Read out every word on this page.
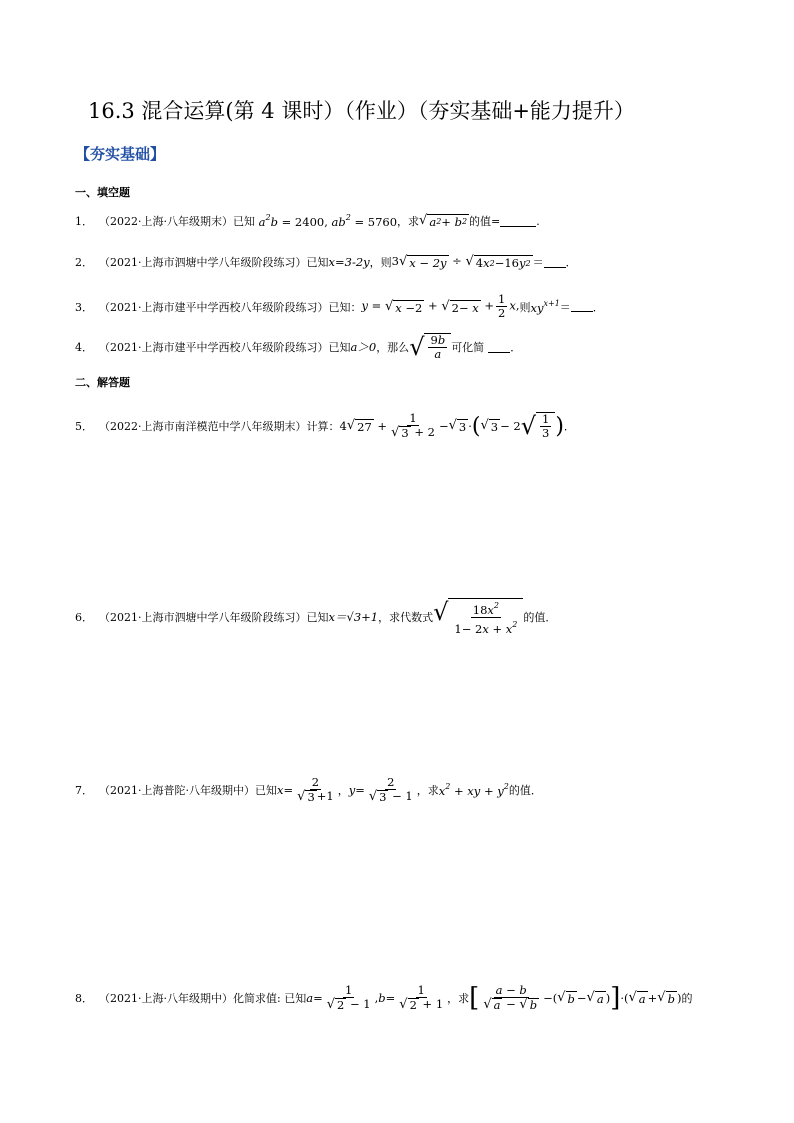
16.3 混合运算(第 4 课时）（作业）（夯实基础+能力提升）
【夯实基础】
一、填空题
1． （2022·上海·八年级期末）已知 $a^2b = 2400$, $ab^2 = 5760$ ，求 √ a 2 + b 2 的值=	.
2． （2021·上海市泗塘中学八年级阶段练习）已知 x=3-2y ，则 3 √ x − 2y ÷ √ 4 x 2 − 16 y 2 ＝ ．
3． （2021·上海市建平中学西校八年级阶段练习）已知： y = √ x − 2 + √ $2 - x + \frac{1}{2} x$, 则 $xy^{x+1}$ ＝ ．
4． （2021·上海市建平中学西校八年级阶段练习）已知 a＞0 ，那么 √ $\frac{9b}{a}$ 可化简 ．
二、解答题
5． （2022·上海市南洋模范中学八年级期末）计算： 4 √ $27 + \frac{1}{√ 3 + 2}$ − √ 3 · ( √ 3 − 2 √ $\frac{1}{3}$ ) ．
6． （2021·上海市泗塘中学八年级阶段练习）已知 x＝√3+1 ，求代数式 √ $\frac{18x^2}{1- 2x + x^2}$ 的值．
7． （2021·上海普陀·八年级期中）已知 $x = \frac{2}{√ 3 +1}$ ， $y = \frac{2}{√ 3 - 1}$ ，求 $x^2$ + xy + $y^2$ 的值．
8． （2021·上海·八年级期中）化简求值: 已知 $a = \frac{1}{√ 2 - 1}$ , $b = \frac{1}{√ 2 + 1}$ ，求 [ $\frac{a - b}{√ a - √ b}$ −( √ b − √ a ) ] ·( √ a + √ b ) 的
